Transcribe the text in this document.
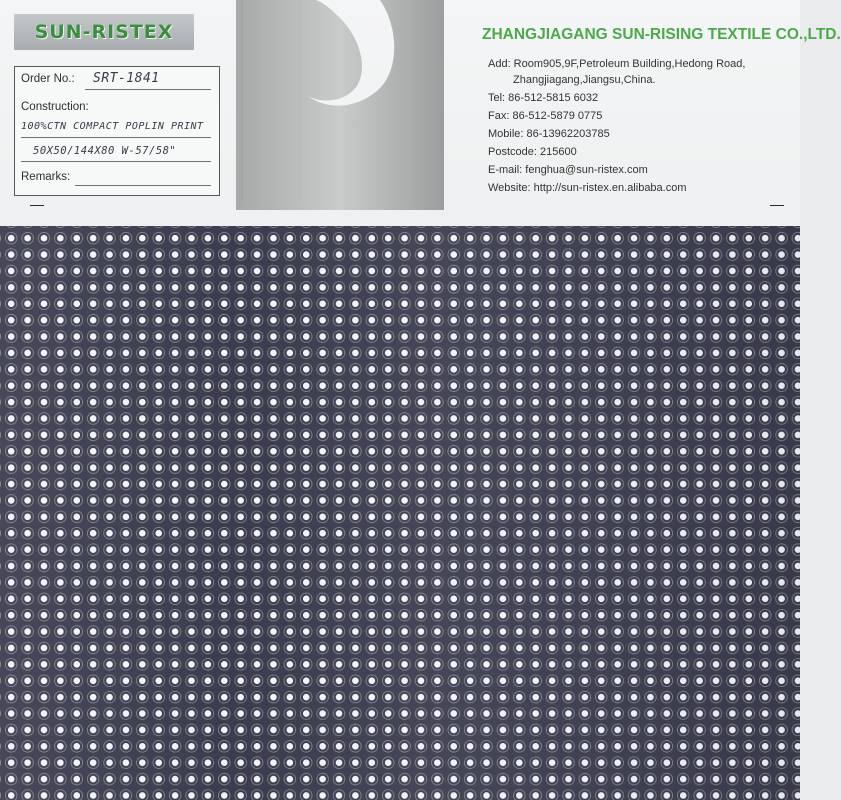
SUN-RISTEX
Order No.: SRT-1841
Construction:
100%CTN COMPACT POPLIN PRINT
50X50/144X80 W-57/58"
Remarks:
ZHANGJIAGANG SUN-RISING TEXTILE CO.,LTD.
Add: Room905,9F,Petroleum Building,Hedong Road,
Zhangjiagang,Jiangsu,China.
Tel: 86-512-5815 6032
Fax: 86-512-5879 0775
Mobile: 86-13962203785
Postcode: 215600
E-mail: fenghua@sun-ristex.com
Website: http://sun-ristex.en.alibaba.com
